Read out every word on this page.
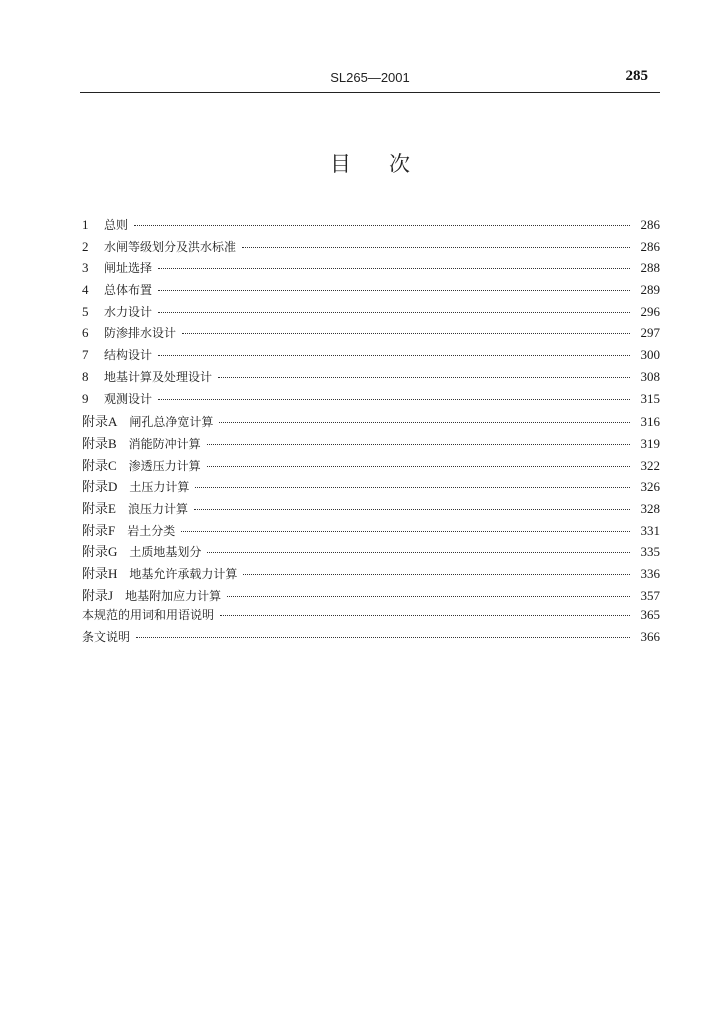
SL265—2001	285
目次
1	总则	286
2	水闸等级划分及洪水标准	286
3	闸址选择	288
4	总体布置	289
5	水力设计	296
6	防渗排水设计	297
7	结构设计	300
8	地基计算及处理设计	308
9	观测设计	315
附录A 闸孔总净宽计算	316
附录B 消能防冲计算	319
附录C 渗透压力计算	322
附录D 土压力计算	326
附录E 浪压力计算	328
附录F 岩土分类	331
附录G 土质地基划分	335
附录H 地基允许承载力计算	336
附录J 地基附加应力计算	357
本规范的用词和用语说明	365
条文说明	366
